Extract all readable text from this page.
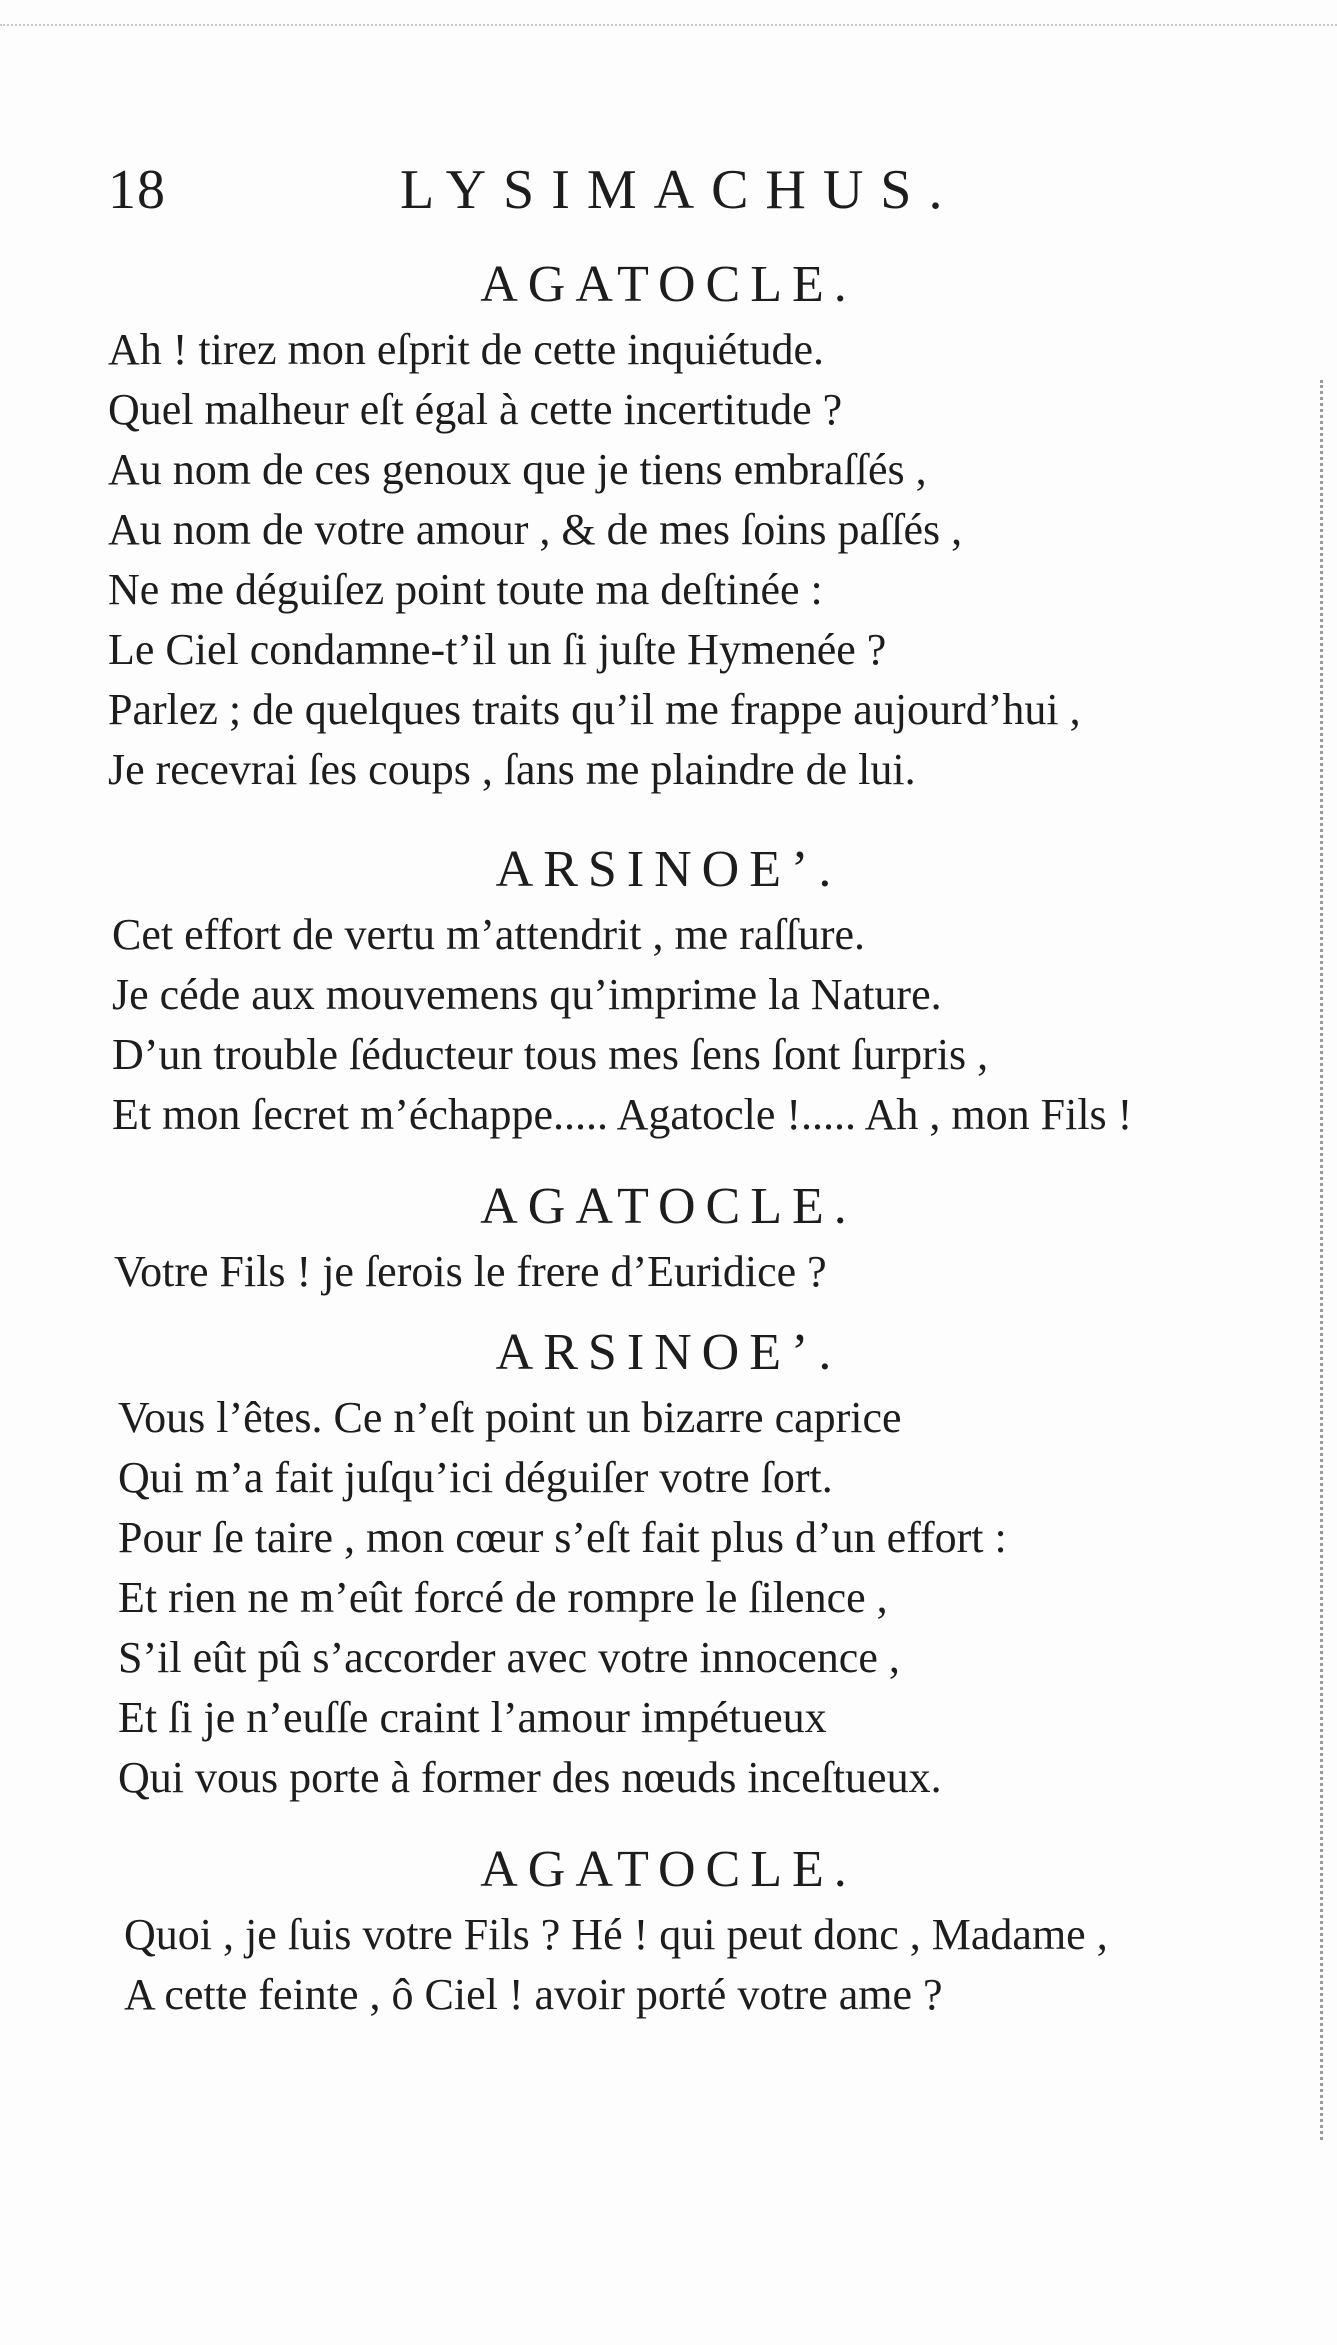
18	LYSIMACHUS.
AGATOCLE.
Ah ! tirez mon eſprit de cette inquiétude.
Quel malheur eſt égal à cette incertitude ?
Au nom de ces genoux que je tiens embraſſés ,
Au nom de votre amour , & de mes ſoins paſſés ,
Ne me déguiſez point toute ma deſtinée :
Le Ciel condamne-t’il un ſi juſte Hymenée ?
Parlez ; de quelques traits qu’il me frappe aujourd’hui ,
Je recevrai ſes coups , ſans me plaindre de lui.
ARSINOE’.
Cet effort de vertu m’attendrit , me raſſure.
Je céde aux mouvemens qu’imprime la Nature.
D’un trouble ſéducteur tous mes ſens ſont ſurpris ,
Et mon ſecret m’échappe..... Agatocle !..... Ah , mon Fils !
AGATOCLE.
Votre Fils ! je ſerois le frere d’Euridice ?
ARSINOE’.
Vous l’êtes. Ce n’eſt point un bizarre caprice
Qui m’a fait juſqu’ici déguiſer votre ſort.
Pour ſe taire , mon cœur s’eſt fait plus d’un effort :
Et rien ne m’eût forcé de rompre le ſilence ,
S’il eût pû s’accorder avec votre innocence ,
Et ſi je n’euſſe craint l’amour impétueux
Qui vous porte à former des nœuds inceſtueux.
AGATOCLE.
Quoi , je ſuis votre Fils ? Hé ! qui peut donc , Madame ,
A cette feinte , ô Ciel ! avoir porté votre ame ?
